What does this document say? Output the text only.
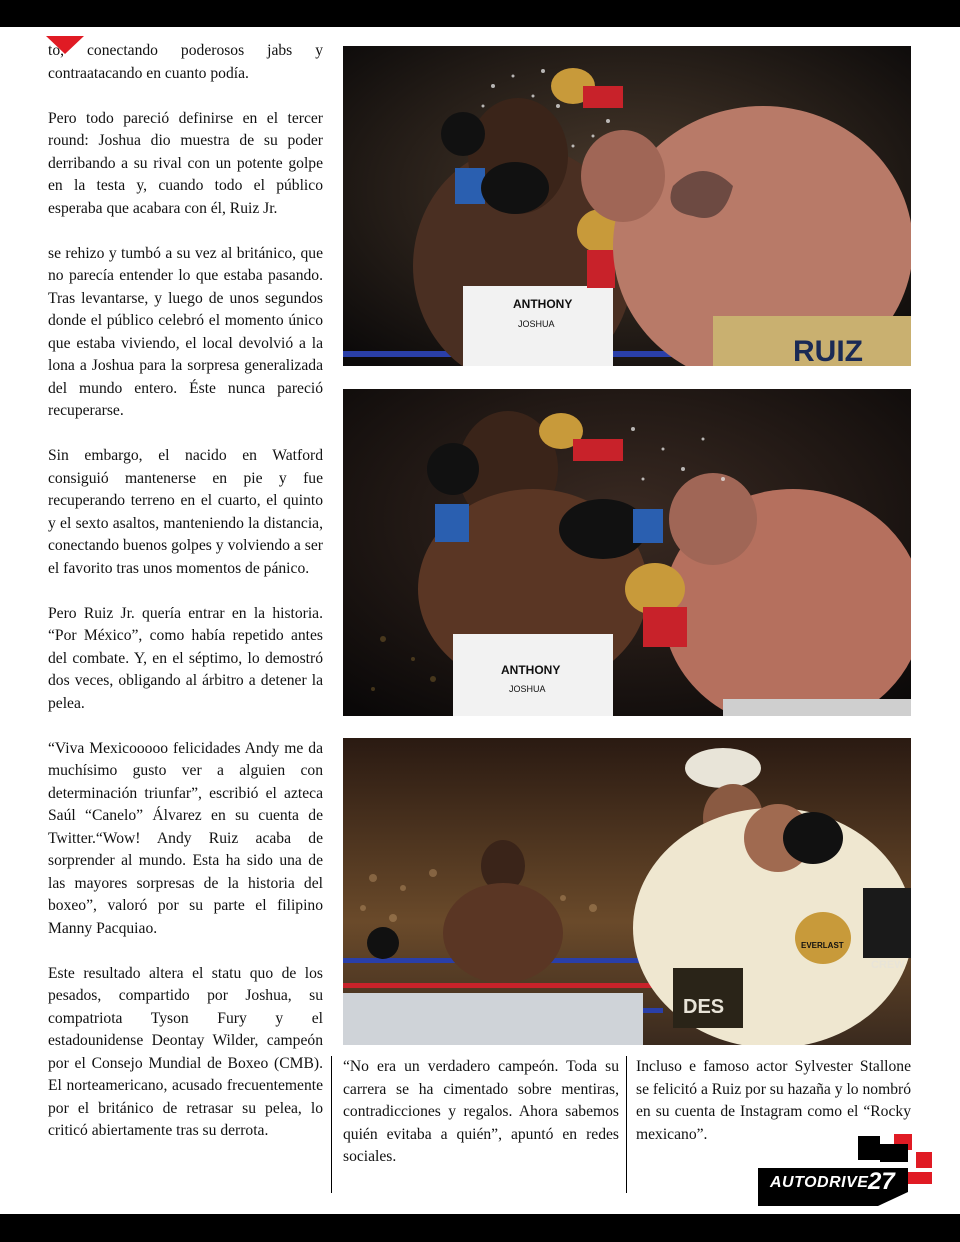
to, conectando poderosos jabs y contraatacando en cuanto podía.

Pero todo pareció definirse en el tercer round: Joshua dio muestra de su poder derribando a su rival con un potente golpe en la testa y, cuando todo el público esperaba que acabara con él, Ruiz Jr.

se rehizo y tumbó a su vez al británico, que no parecía entender lo que estaba pasando. Tras levantarse, y luego de unos segundos donde el público celebró el momento único que estaba viviendo, el local devolvió a la lona a Joshua para la sorpresa generalizada del mundo entero. Éste nunca pareció recuperarse.

Sin embargo, el nacido en Watford consiguió mantenerse en pie y fue recuperando terreno en el cuarto, el quinto y el sexto asaltos, manteniendo la distancia, conectando buenos golpes y volviendo a ser el favorito tras unos momentos de pánico.

Pero Ruiz Jr. quería entrar en la historia. “Por México”, como había repetido antes del combate. Y, en el séptimo, lo demostró dos veces, obligando al árbitro a detener la pelea.

“Viva Mexicooooo felicidades Andy me da muchísimo gusto ver a alguien con determinación triunfar”, escribió el azteca Saúl “Canelo” Álvarez en su cuenta de Twitter.“Wow! Andy Ruiz acaba de sorprender al mundo. Esta ha sido una de las mayores sorpresas de la historia del boxeo”, valoró por su parte el filipino Manny Pacquiao.

Este resultado altera el statu quo de los pesados, compartido por Joshua, su compatriota Tyson Fury y el estadounidense Deontay Wilder, campeón por el Consejo Mundial de Boxeo (CMB). El norteamericano, acusado frecuentemente por el británico de retrasar su pelea, lo criticó abiertamente tras su derrota.

ANTHONY
JOSHUA
RUIZ
ANTHONY
JOSHUA
EVERLAST
DES
CREW

“No era un verdadero campeón. Toda su carrera se ha cimentado sobre mentiras, contradicciones y regalos. Ahora sabemos quién evitaba a quién”, apuntó en redes sociales.

Incluso e famoso actor Sylvester Stallone se felicitó a Ruiz por su hazaña y lo nombró en su cuenta de Instagram como el “Rocky mexicano”.

AUTODRIVE 27
